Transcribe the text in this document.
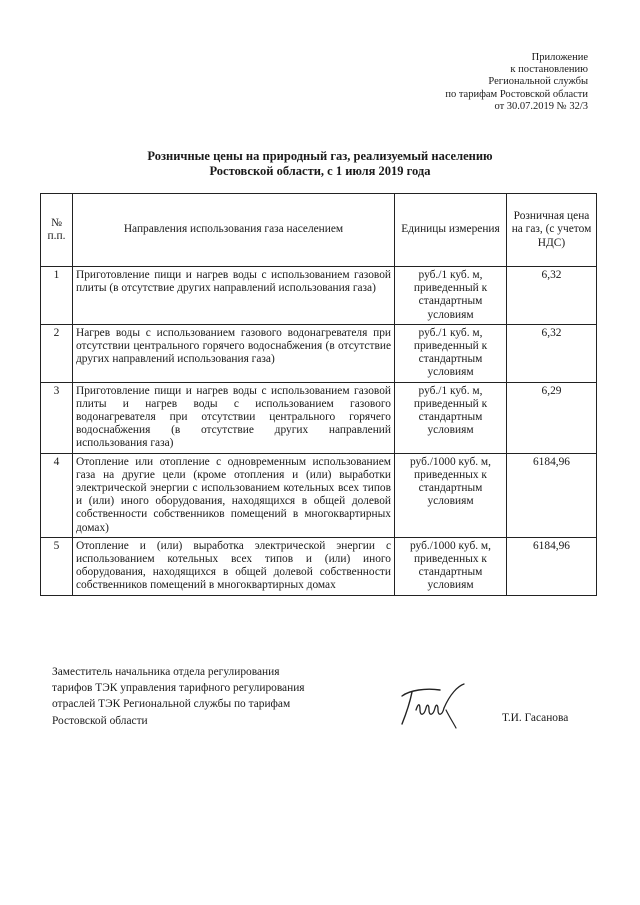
Приложение
к постановлению
Региональной службы
по тарифам Ростовской области
от 30.07.2019 № 32/3
Розничные цены на природный газ, реализуемый населению
Ростовской области, с 1 июля 2019 года
№ п.п.	Направления использования газа населением	Единицы измерения	Розничная цена на газ, (с учетом НДС)
1	Приготовление пищи и нагрев воды с использованием газовой плиты (в отсутствие других направлений использования газа)	руб./1 куб. м, приведенный к стандартным условиям	6,32
2	Нагрев воды с использованием газового водонагревателя при отсутствии центрального горячего водоснабжения (в отсутствие других направлений использования газа)	руб./1 куб. м, приведенный к стандартным условиям	6,32
3	Приготовление пищи и нагрев воды с использованием газовой плиты и нагрев воды с использованием газового водонагревателя при отсутствии центрального горячего водоснабжения (в отсутствие других направлений использования газа)	руб./1 куб. м, приведенный к стандартным условиям	6,29
4	Отопление или отопление с одновременным использованием газа на другие цели (кроме отопления и (или) выработки электрической энергии с использованием котельных всех типов и (или) иного оборудования, находящихся в общей долевой собственности собственников помещений в многоквартирных домах)	руб./1000 куб. м, приведенных к стандартным условиям	6184,96
5	Отопление и (или) выработка электрической энергии с использованием котельных всех типов и (или) иного оборудования, находящихся в общей долевой собственности собственников помещений в многоквартирных домах	руб./1000 куб. м, приведенных к стандартным условиям	6184,96
Заместитель начальника отдела регулирования
тарифов ТЭК управления тарифного регулирования
отраслей ТЭК Региональной службы по тарифам
Ростовской области	Т.И. Гасанова
